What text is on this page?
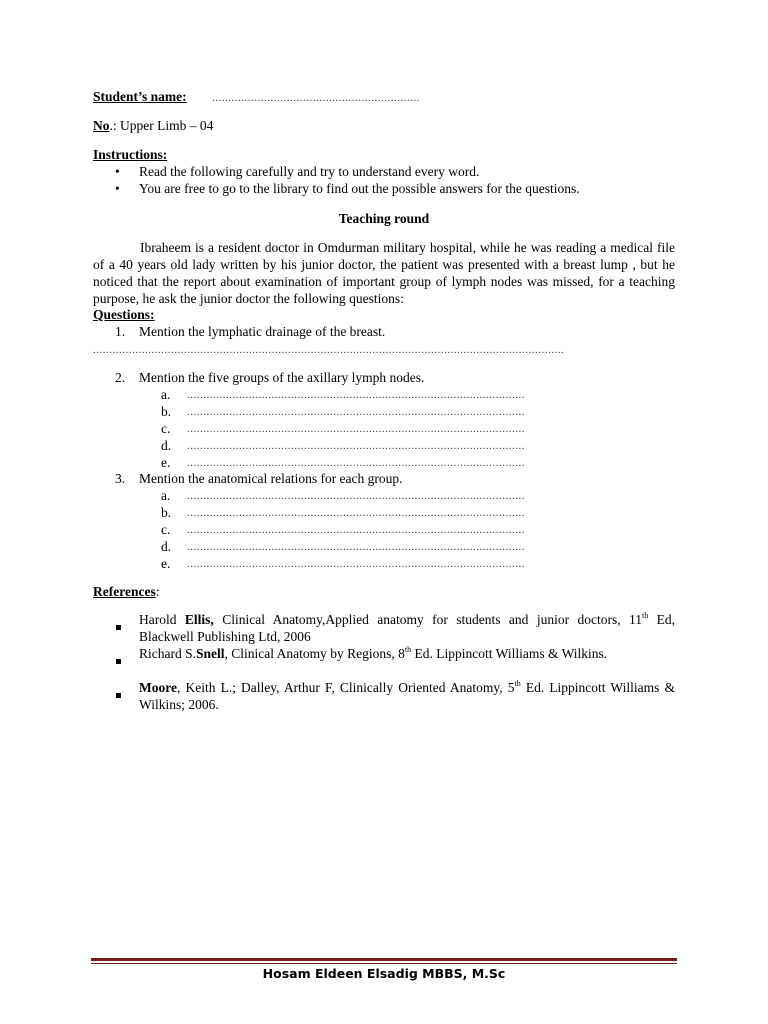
Student’s name: ................................................................
No.: Upper Limb – 04
Instructions:
• Read the following carefully and try to understand every word.
• You are free to go to the library to find out the possible answers for the questions.
Teaching round
Ibraheem is a resident doctor in Omdurman military hospital, while he was reading a medical file of a 40 years old lady written by his junior doctor, the patient was presented with a breast lump , but he noticed that the report about examination of important group of lymph nodes was missed, for a teaching purpose, he ask the junior doctor the following questions:
Questions:
1. Mention the lymphatic drainage of the breast.
.................................................................................................................................................
2. Mention the five groups of the axillary lymph nodes.
a. ........................................................................................................
b. ........................................................................................................
c. ........................................................................................................
d. ........................................................................................................
e. ........................................................................................................
3. Mention the anatomical relations for each group.
a. ........................................................................................................
b. ........................................................................................................
c. ........................................................................................................
d. ........................................................................................................
e. ........................................................................................................
References:
Harold Ellis, Clinical Anatomy,Applied anatomy for students and junior doctors, 11th Ed, Blackwell Publishing Ltd, 2006
Richard S.Snell, Clinical Anatomy by Regions, 8th Ed. Lippincott Williams & Wilkins.
Moore, Keith L.; Dalley, Arthur F, Clinically Oriented Anatomy, 5th Ed. Lippincott Williams & Wilkins; 2006.
Hosam Eldeen Elsadig MBBS, M.Sc
